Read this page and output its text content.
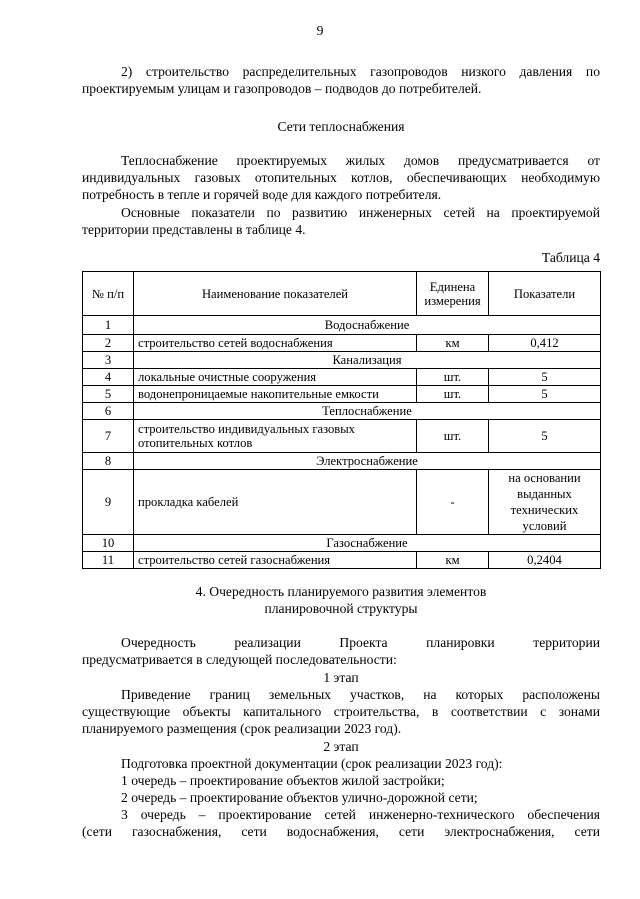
9
2) строительство распределительных газопроводов низкого давления по
проектируемым улицам и газопроводов – подводов до потребителей.
Сети теплоснабжения
Теплоснабжение проектируемых жилых домов предусматривается от
индивидуальных газовых отопительных котлов, обеспечивающих необходимую
потребность в тепле и горячей воде для каждого потребителя.
Основные показатели по развитию инженерных сетей на проектируемой
территории представлены в таблице 4.
Таблица 4
№ п/п	Наименование показателей	Единена измерения	Показатели
1	Водоснабжение		
2	строительство сетей водоснабжения	км	0,412
3	Канализация		
4	локальные очистные сооружения	шт.	5
5	водонепроницаемые накопительные емкости	шт.	5
6	Теплоснабжение		
7	строительство индивидуальных газовых отопительных котлов	шт.	5
8	Электроснабжение		
9	прокладка кабелей	-	на основании выданных технических условий
10	Газоснабжение		
11	строительство сетей газоснабжения	км	0,2404
4. Очередность планируемого развития элементов
планировочной структуры
Очередность реализации Проекта планировки территории
предусматривается в следующей последовательности:
1 этап
Приведение границ земельных участков, на которых расположены
существующие объекты капитального строительства, в соответствии с зонами
планируемого размещения (срок реализации 2023 год).
2 этап
Подготовка проектной документации (срок реализации 2023 год):
1 очередь – проектирование объектов жилой застройки;
2 очередь – проектирование объектов улично-дорожной сети;
3 очередь – проектирование сетей инженерно-технического обеспечения
(сети газоснабжения, сети водоснабжения, сети электроснабжения, сети
